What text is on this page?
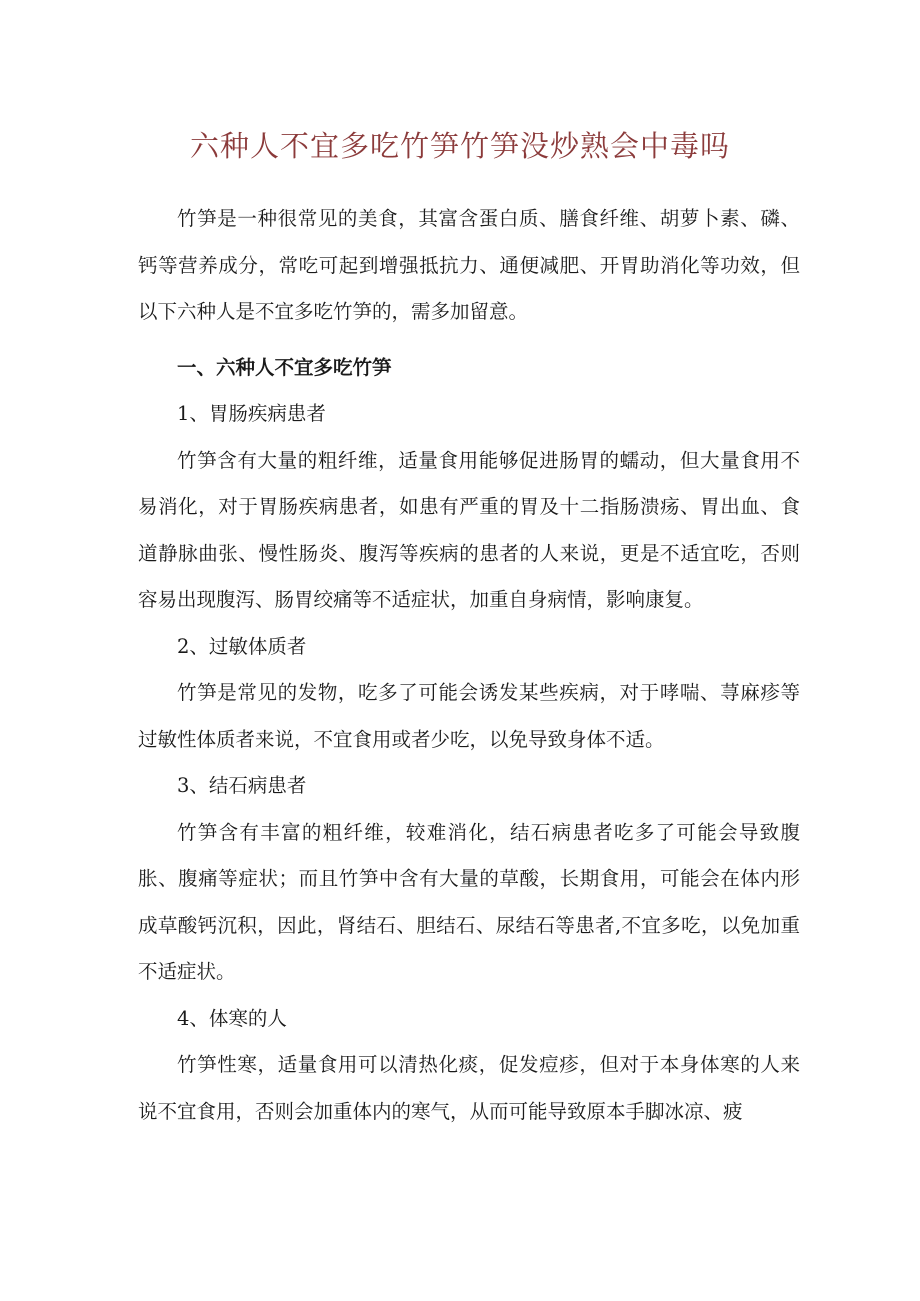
六种人不宜多吃竹笋竹笋没炒熟会中毒吗

竹笋是一种很常见的美食，其富含蛋白质、膳食纤维、胡萝卜素、磷、钙等营养成分，常吃可起到增强抵抗力、通便减肥、开胃助消化等功效，但以下六种人是不宜多吃竹笋的，需多加留意。

一、六种人不宜多吃竹笋

1、胃肠疾病患者

竹笋含有大量的粗纤维，适量食用能够促进肠胃的蠕动，但大量食用不易消化，对于胃肠疾病患者，如患有严重的胃及十二指肠溃疡、胃出血、食道静脉曲张、慢性肠炎、腹泻等疾病的患者的人来说，更是不适宜吃，否则容易出现腹泻、肠胃绞痛等不适症状，加重自身病情，影响康复。

2、过敏体质者

竹笋是常见的发物，吃多了可能会诱发某些疾病，对于哮喘、荨麻疹等过敏性体质者来说，不宜食用或者少吃，以免导致身体不适。

3、结石病患者

竹笋含有丰富的粗纤维，较难消化，结石病患者吃多了可能会导致腹胀、腹痛等症状；而且竹笋中含有大量的草酸，长期食用，可能会在体内形成草酸钙沉积，因此，肾结石、胆结石、尿结石等患者,不宜多吃，以免加重不适症状。

4、体寒的人

竹笋性寒，适量食用可以清热化痰，促发痘疹，但对于本身体寒的人来说不宜食用，否则会加重体内的寒气，从而可能导致原本手脚冰凉、疲
